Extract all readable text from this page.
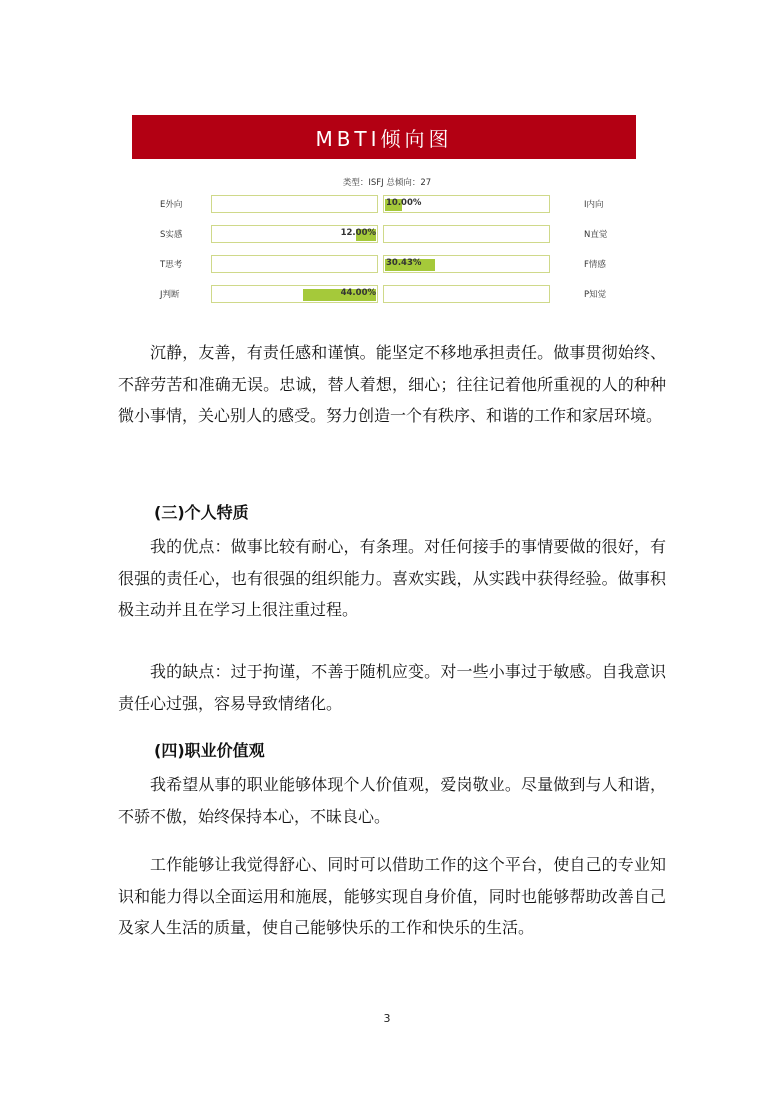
MBTI倾向图
类型：ISFJ 总倾向：27
E外向	10.00%	I内向
S实感	12.00%	N直觉
T思考	30.43%	F情感
J判断	44.00%	P知觉

沉静，友善，有责任感和谨慎。能坚定不移地承担责任。做事贯彻始终、不辞劳苦和准确无误。忠诚，替人着想，细心；往往记着他所重视的人的种种微小事情，关心别人的感受。努力创造一个有秩序、和谐的工作和家居环境。

(三)个人特质

我的优点：做事比较有耐心，有条理。对任何接手的事情要做的很好，有很强的责任心，也有很强的组织能力。喜欢实践，从实践中获得经验。做事积极主动并且在学习上很注重过程。

我的缺点：过于拘谨，不善于随机应变。对一些小事过于敏感。自我意识责任心过强，容易导致情绪化。

(四)职业价值观

我希望从事的职业能够体现个人价值观，爱岗敬业。尽量做到与人和谐，不骄不傲，始终保持本心，不昧良心。

工作能够让我觉得舒心、同时可以借助工作的这个平台，使自己的专业知识和能力得以全面运用和施展，能够实现自身价值，同时也能够帮助改善自己及家人生活的质量，使自己能够快乐的工作和快乐的生活。

3
